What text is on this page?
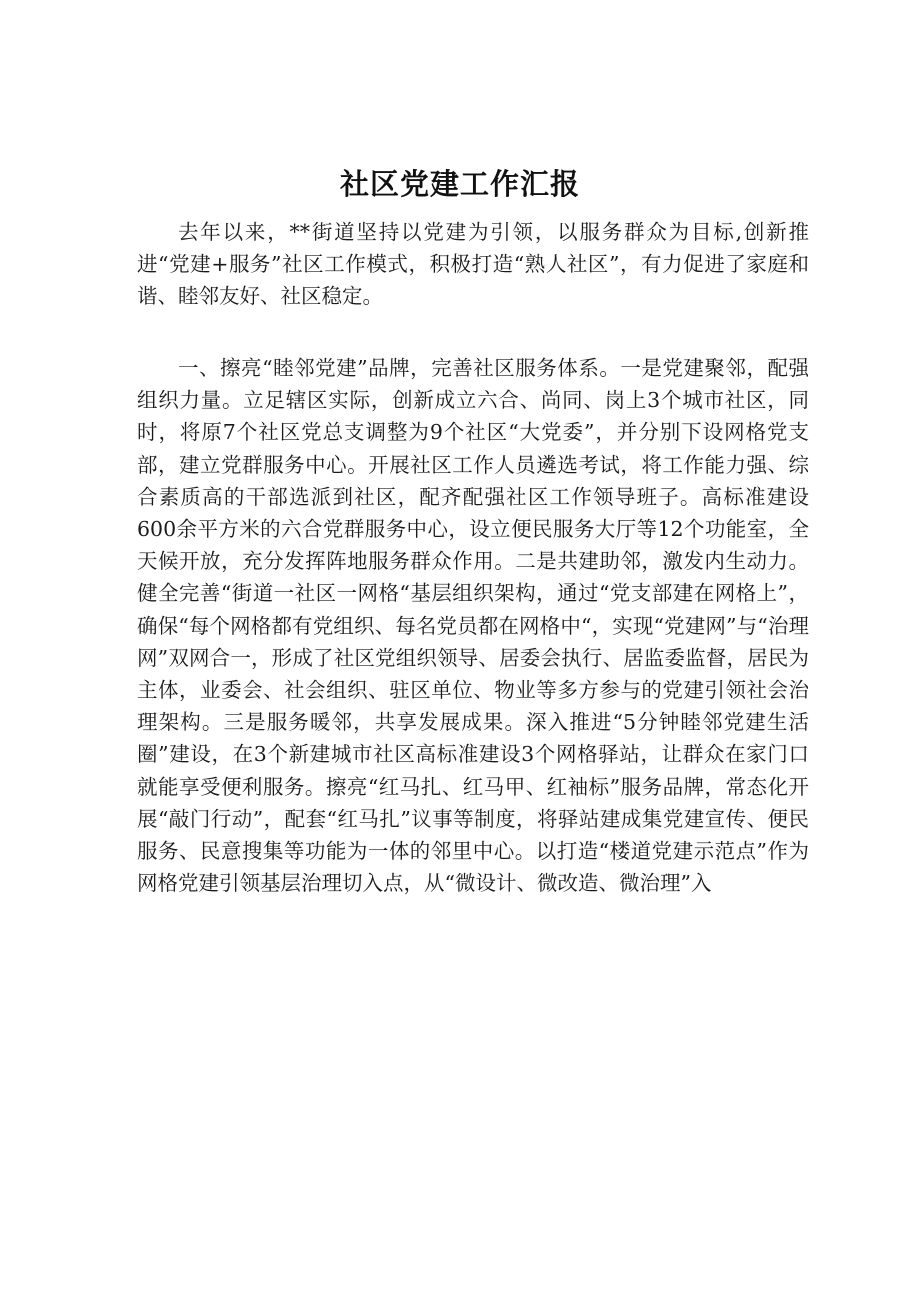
社区党建工作汇报

去年以来，**街道坚持以党建为引领，以服务群众为目标,创新推进“党建+服务”社区工作模式，积极打造“熟人社区”，有力促进了家庭和谐、睦邻友好、社区稳定。

一、擦亮“睦邻党建”品牌，完善社区服务体系。一是党建聚邻，配强组织力量。立足辖区实际，创新成立六合、尚同、岗上3个城市社区，同时，将原7个社区党总支调整为9个社区“大党委”，并分别下设网格党支部，建立党群服务中心。开展社区工作人员遴选考试，将工作能力强、综合素质高的干部选派到社区，配齐配强社区工作领导班子。高标准建设600余平方米的六合党群服务中心，设立便民服务大厅等12个功能室，全天候开放，充分发挥阵地服务群众作用。二是共建助邻，激发内生动力。健全完善“街道一社区一网格“基层组织架构，通过“党支部建在网格上”，确保“每个网格都有党组织、每名党员都在网格中“，实现“党建网”与“治理网”双网合一，形成了社区党组织领导、居委会执行、居监委监督，居民为主体，业委会、社会组织、驻区单位、物业等多方参与的党建引领社会治理架构。三是服务暖邻，共享发展成果。深入推进“5分钟睦邻党建生活圈”建设，在3个新建城市社区高标准建设3个网格驿站，让群众在家门口就能享受便利服务。擦亮“红马扎、红马甲、红袖标”服务品牌，常态化开展“敲门行动”，配套“红马扎”议事等制度，将驿站建成集党建宣传、便民服务、民意搜集等功能为一体的邻里中心。以打造“楼道党建示范点”作为网格党建引领基层治理切入点，从“微设计、微改造、微治理”入
